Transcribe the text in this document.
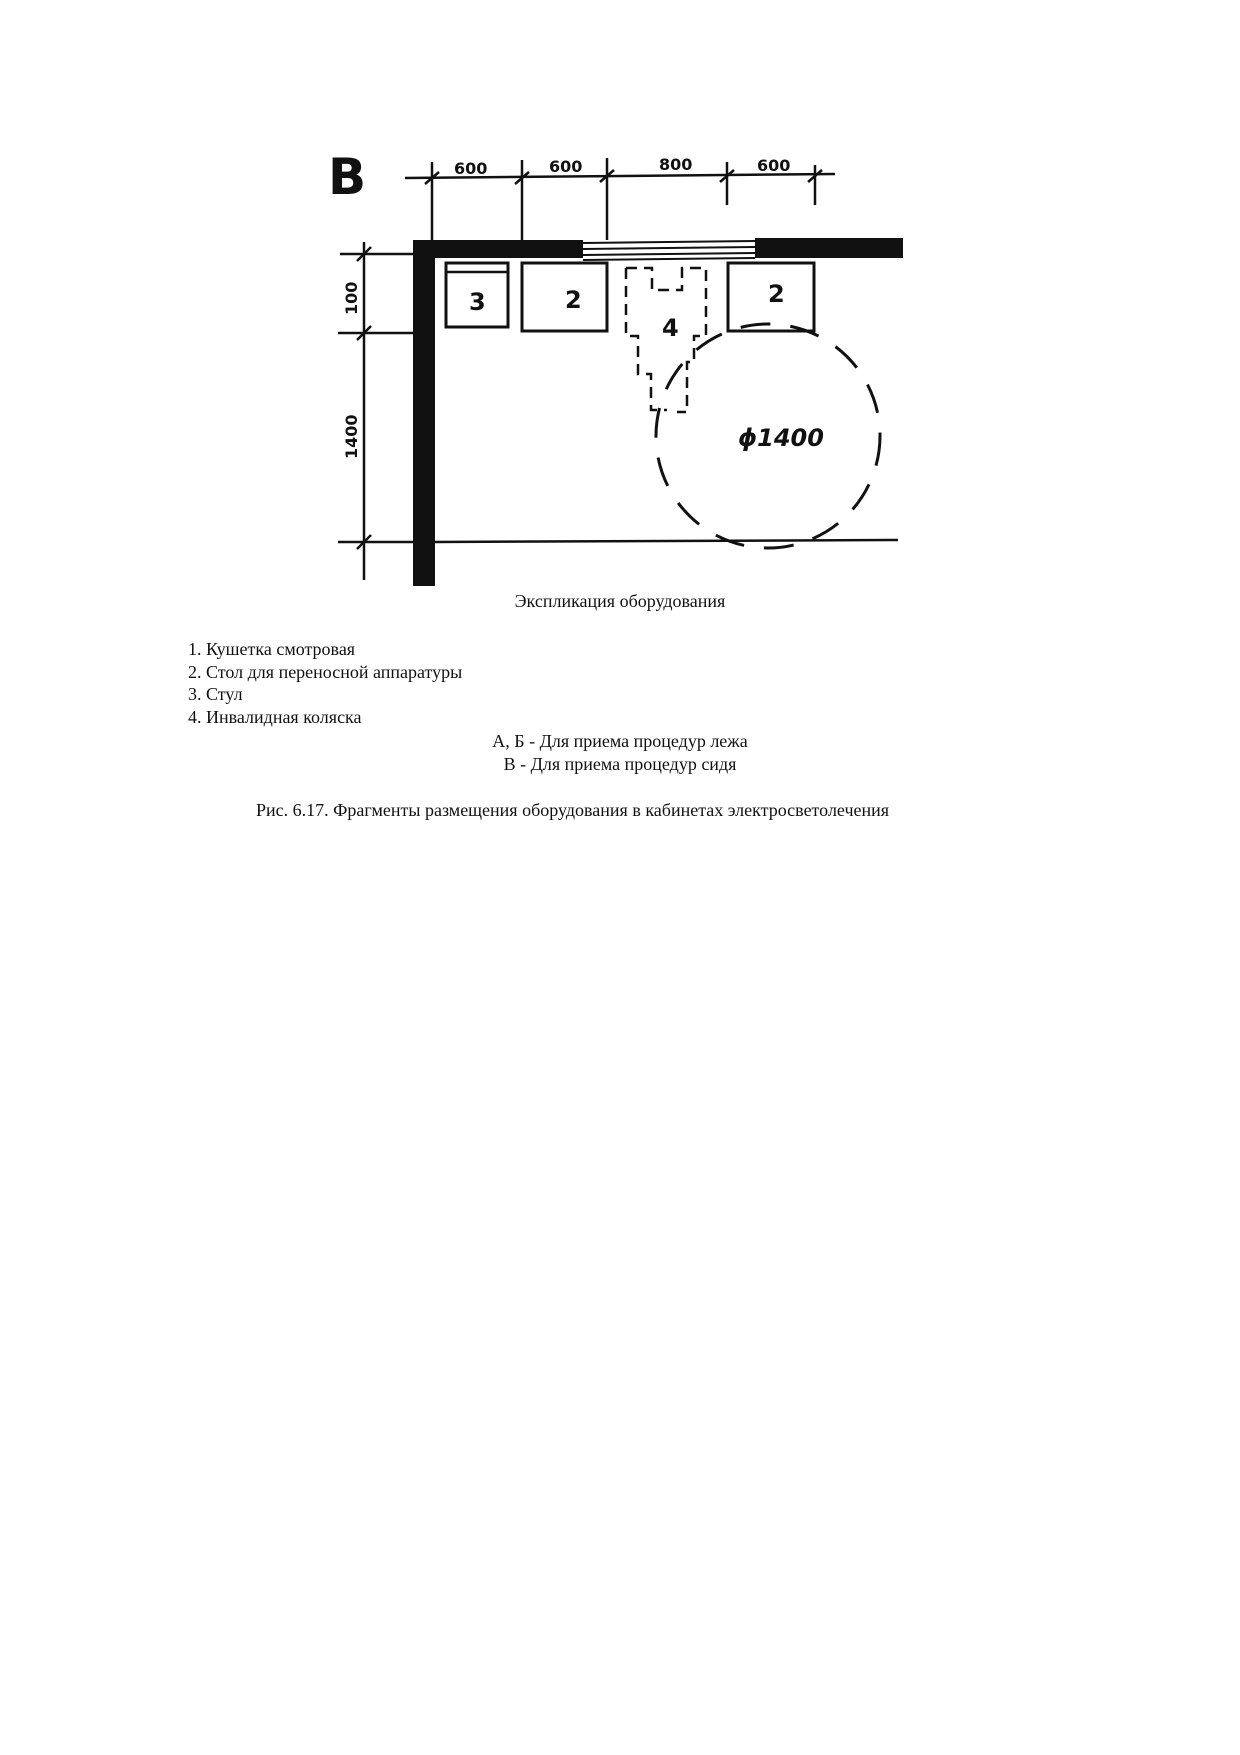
В	600	600	800	600
100
1400
3	2
4
2
ϕ1400
Экспликация оборудования
1. Кушетка смотровая
2. Стол для переносной аппаратуры
3. Стул
4. Инвалидная коляска
А, Б - Для приема процедур лежа
В - Для приема процедур сидя
Рис. 6.17. Фрагменты размещения оборудования в кабинетах электросветолечения
